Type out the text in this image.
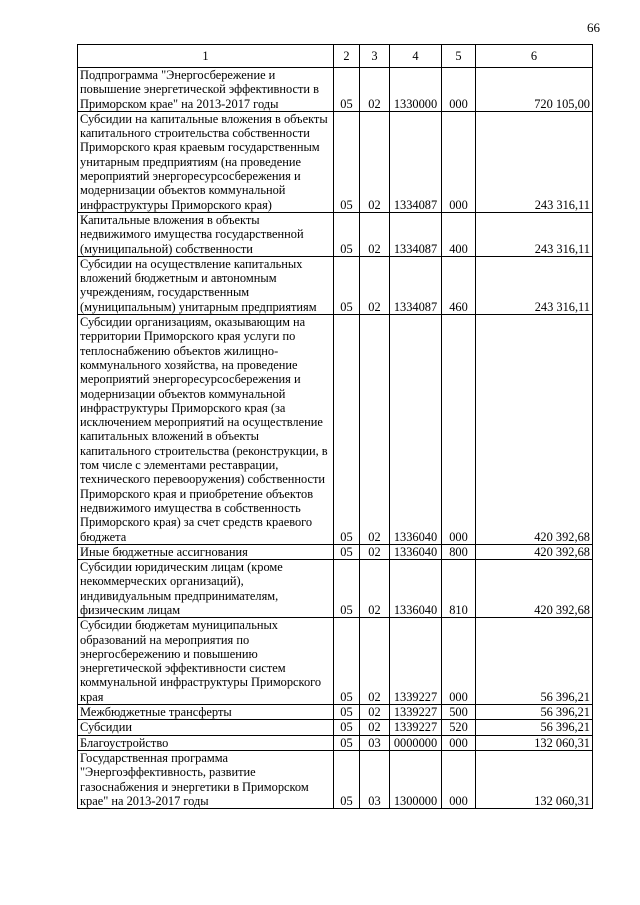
66
1	2	3	4	5	6
Подпрограмма "Энергосбережение и повышение энергетической эффективности в Приморском крае" на 2013-2017 годы	05	02	1330000	000	720 105,00
Субсидии на капитальные вложения в объекты капитального строительства собственности Приморского края краевым государственным унитарным предприятиям (на проведение мероприятий энергоресурсосбережения и модернизации объектов коммунальной инфраструктуры Приморского края)	05	02	1334087	000	243 316,11
Капитальные вложения в объекты недвижимого имущества государственной (муниципальной) собственности	05	02	1334087	400	243 316,11
Субсидии на осуществление капитальных вложений бюджетным и автономным учреждениям, государственным (муниципальным) унитарным предприятиям	05	02	1334087	460	243 316,11
Субсидии организациям, оказывающим на территории Приморского края услуги по теплоснабжению объектов жилищно-коммунального хозяйства, на проведение мероприятий энергоресурсосбережения и модернизации объектов коммунальной инфраструктуры Приморского края (за исключением мероприятий на осуществление капитальных вложений в объекты капитального строительства (реконструкции, в том числе с элементами реставрации, технического перевооружения) собственности Приморского края и приобретение объектов недвижимого имущества в собственность Приморского края) за счет средств краевого бюджета	05	02	1336040	000	420 392,68
Иные бюджетные ассигнования	05	02	1336040	800	420 392,68
Субсидии юридическим лицам (кроме некоммерческих организаций), индивидуальным предпринимателям, физическим лицам	05	02	1336040	810	420 392,68
Субсидии бюджетам муниципальных образований на мероприятия по энергосбережению и повышению энергетической эффективности систем коммунальной инфраструктуры Приморского края	05	02	1339227	000	56 396,21
Межбюджетные трансферты	05	02	1339227	500	56 396,21
Субсидии	05	02	1339227	520	56 396,21
Благоустройство	05	03	0000000	000	132 060,31
Государственная программа "Энергоэффективность, развитие газоснабжения и энергетики в Приморском крае" на 2013-2017 годы	05	03	1300000	000	132 060,31
